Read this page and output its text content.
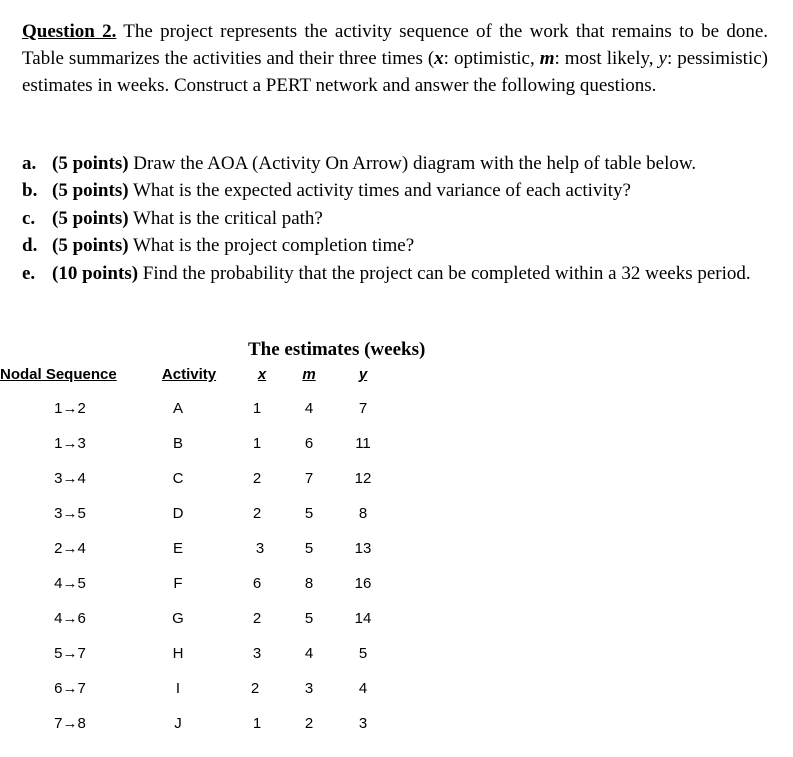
Question 2. The project represents the activity sequence of the work that remains to be done. Table summarizes the activities and their three times (x: optimistic, m: most likely, y: pessimistic) estimates in weeks. Construct a PERT network and answer the following questions.
a. (5 points) Draw the AOA (Activity On Arrow) diagram with the help of table below.
b. (5 points) What is the expected activity times and variance of each activity?
c. (5 points) What is the critical path?
d. (5 points) What is the project completion time?
e. (10 points) Find the probability that the project can be completed within a 32 weeks period.
The estimates (weeks)
Nodal Sequence	Activity	x	m	y
1→2	A	1	4	7
1→3	B	1	6	11
3→4	C	2	7	12
3→5	D	2	5	8
2→4	E	3	5	13
4→5	F	6	8	16
4→6	G	2	5	14
5→7	H	3	4	5
6→7	I	2	3	4
7→8	J	1	2	3
